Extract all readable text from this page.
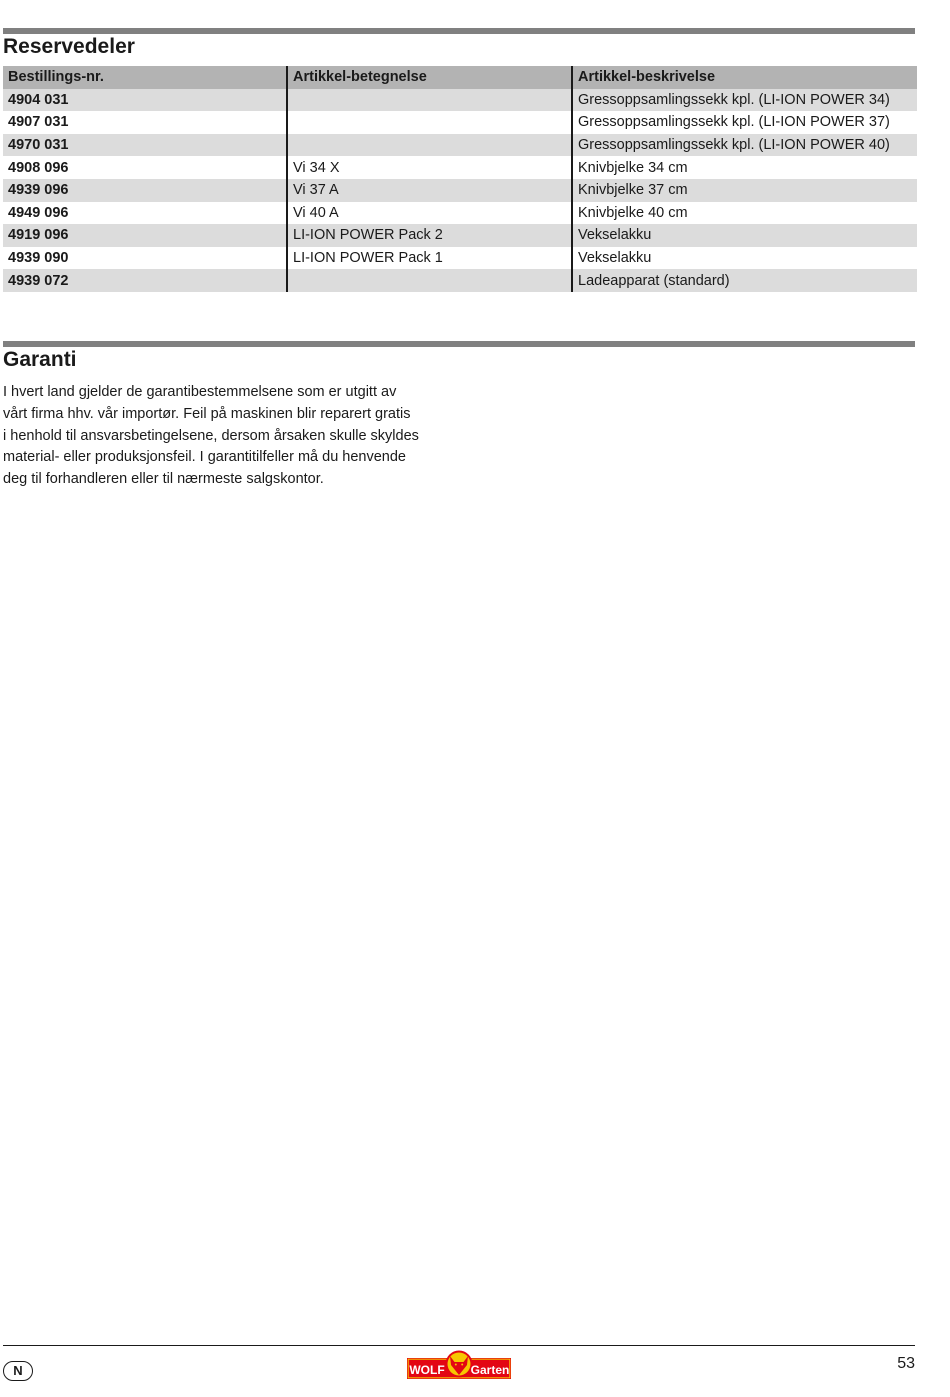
Reservedeler
Bestillings-nr.	Artikkel-betegnelse	Artikkel-beskrivelse
4904 031		Gressoppsamlingssekk kpl. (LI-ION POWER 34)
4907 031		Gressoppsamlingssekk kpl. (LI-ION POWER 37)
4970 031		Gressoppsamlingssekk kpl. (LI-ION POWER 40)
4908 096	Vi 34 X	Knivbjelke 34 cm
4939 096	Vi 37 A	Knivbjelke 37 cm
4949 096	Vi 40 A	Knivbjelke 40 cm
4919 096	LI-ION POWER Pack 2	Vekselakku
4939 090	LI-ION POWER Pack 1	Vekselakku
4939 072		Ladeapparat (standard)
Garanti

I hvert land gjelder de garantibestemmelsene som er utgitt av
vårt firma hhv. vår importør. Feil på maskinen blir reparert gratis
i henhold til ansvarsbetingelsene, dersom årsaken skulle skyldes
material- eller produksjonsfeil. I garantitilfeller må du henvende
deg til forhandleren eller til nærmeste salgskontor.

N	WOLF Garten	53
